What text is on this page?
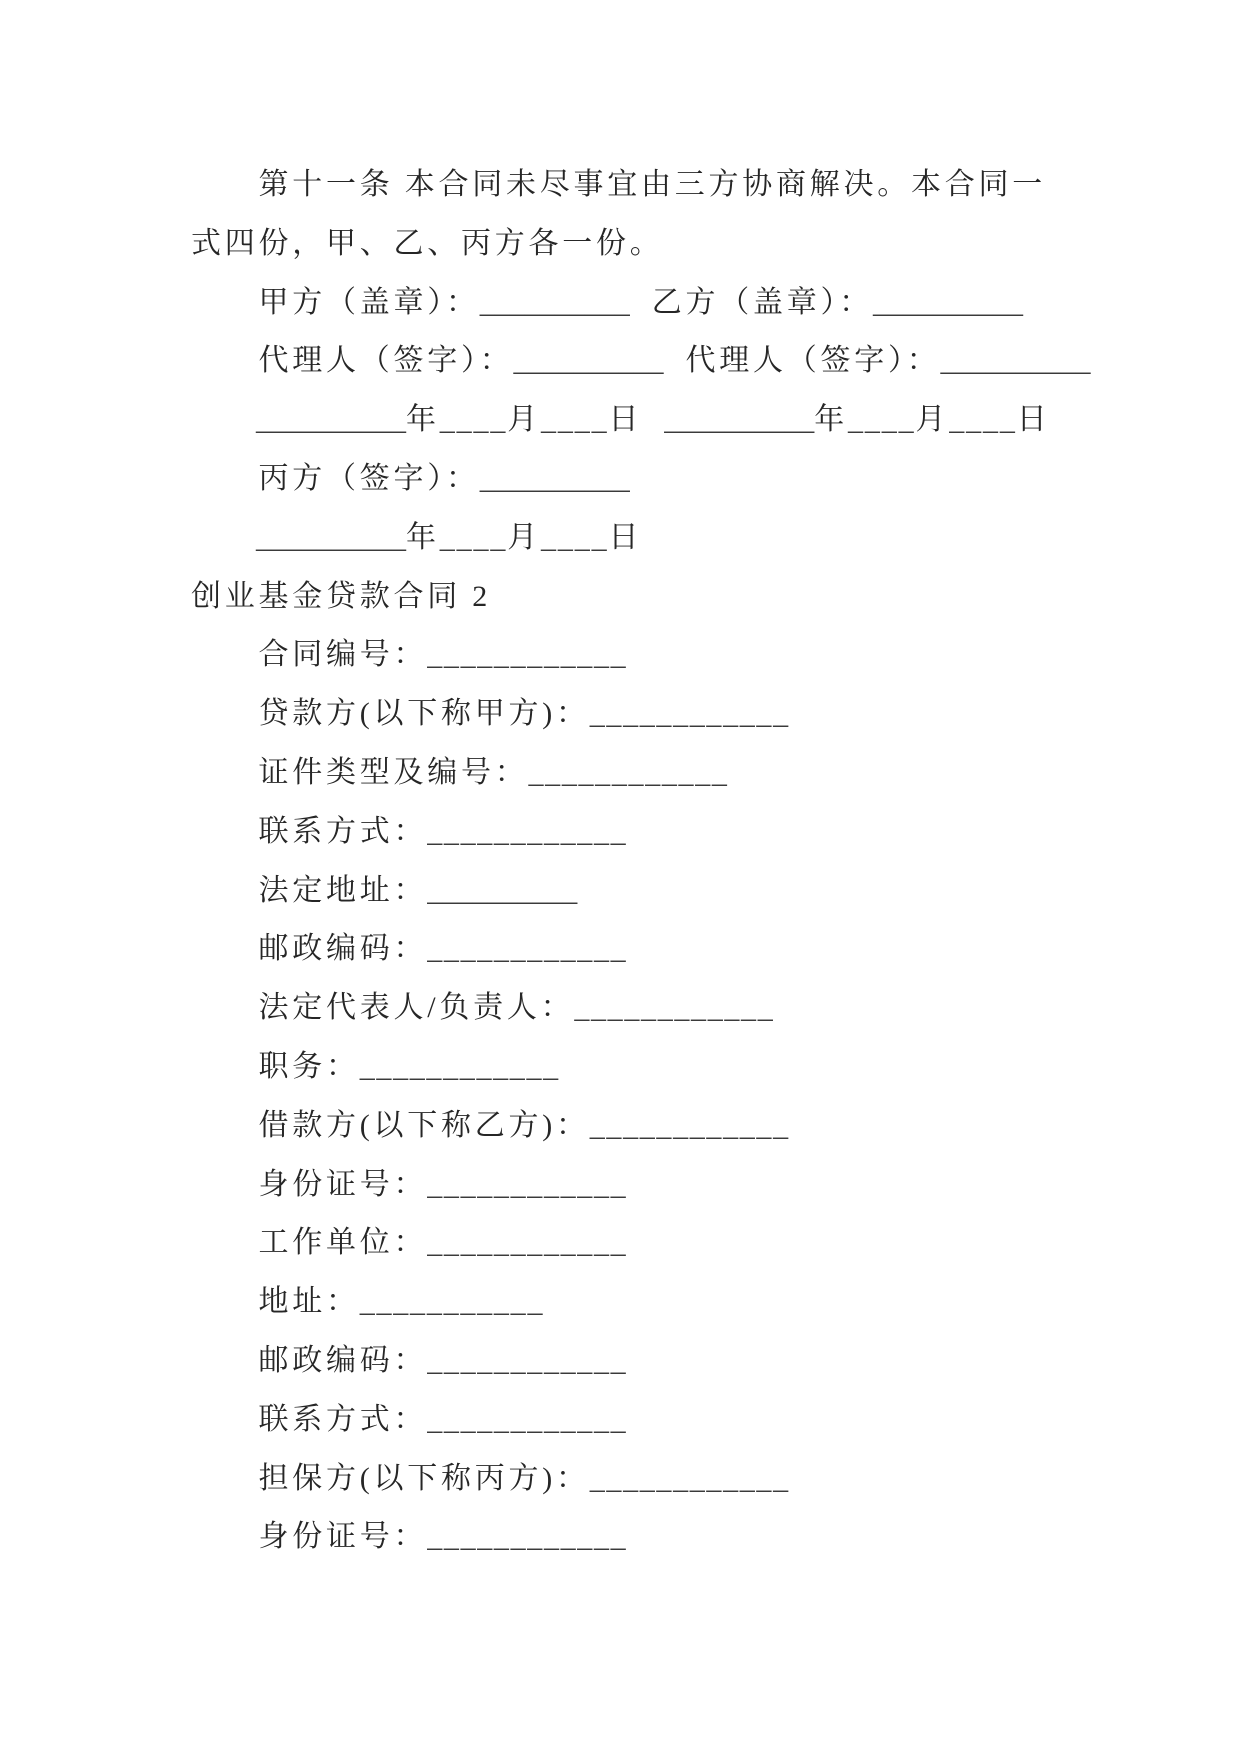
第十一条 本合同未尽事宜由三方协商解决。本合同一
式四份，甲、乙、丙方各一份。
甲方（盖章）：__________ 乙方（盖章）：__________
代理人（签字）：__________ 代理人（签字）：__________
__________年____月____日 __________年____月____日
丙方（签字）：__________
__________年____月____日
创业基金贷款合同 2
合同编号：____________
贷款方(以下称甲方)：____________
证件类型及编号：____________
联系方式：____________
法定地址：__________
邮政编码：____________
法定代表人/负责人：____________
职务：____________
借款方(以下称乙方)：____________
身份证号：____________
工作单位：____________
地址：___________
邮政编码：____________
联系方式：____________
担保方(以下称丙方)：____________
身份证号：____________
